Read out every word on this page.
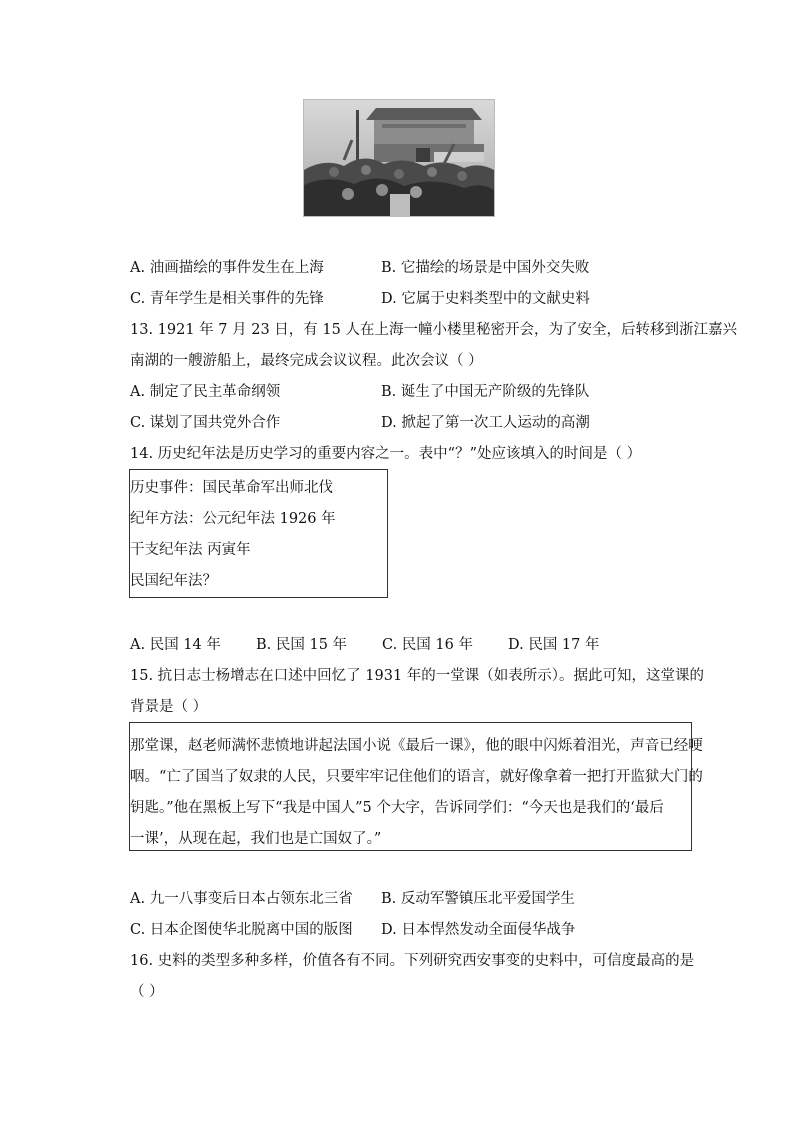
A. 油画描绘的事件发生在上海	B. 它描绘的场景是中国外交失败
C. 青年学生是相关事件的先锋	D. 它属于史料类型中的文献史料
13. 1921 年 7 月 23 日，有 15 人在上海一幢小楼里秘密开会，为了安全，后转移到浙江嘉兴
南湖的一艘游船上，最终完成会议议程。此次会议（ ）
A. 制定了民主革命纲领	B. 诞生了中国无产阶级的先锋队
C. 谋划了国共党外合作	D. 掀起了第一次工人运动的高潮
14. 历史纪年法是历史学习的重要内容之一。表中“？”处应该填入的时间是（ ）
历史事件：国民革命军出师北伐
纪年方法：公元纪年法 1926 年
干支纪年法 丙寅年
民国纪年法？
A. 民国 14 年 B. 民国 15 年 C. 民国 16 年 D. 民国 17 年
15. 抗日志士杨增志在口述中回忆了 1931 年的一堂课（如表所示）。据此可知，这堂课的
背景是（ ）
那堂课，赵老师满怀悲愤地讲起法国小说《最后一课》，他的眼中闪烁着泪光，声音已经哽
咽。“亡了国当了奴隶的人民，只要牢牢记住他们的语言，就好像拿着一把打开监狱大门的
钥匙。”他在黑板上写下“我是中国人”5 个大字，告诉同学们：“今天也是我们的‘最后
一课’，从现在起，我们也是亡国奴了。”
A. 九一八事变后日本占领东北三省 B. 反动军警镇压北平爱国学生
C. 日本企图使华北脱离中国的版图 D. 日本悍然发动全面侵华战争
16. 史料的类型多种多样，价值各有不同。下列研究西安事变的史料中，可信度最高的是
（ ）
